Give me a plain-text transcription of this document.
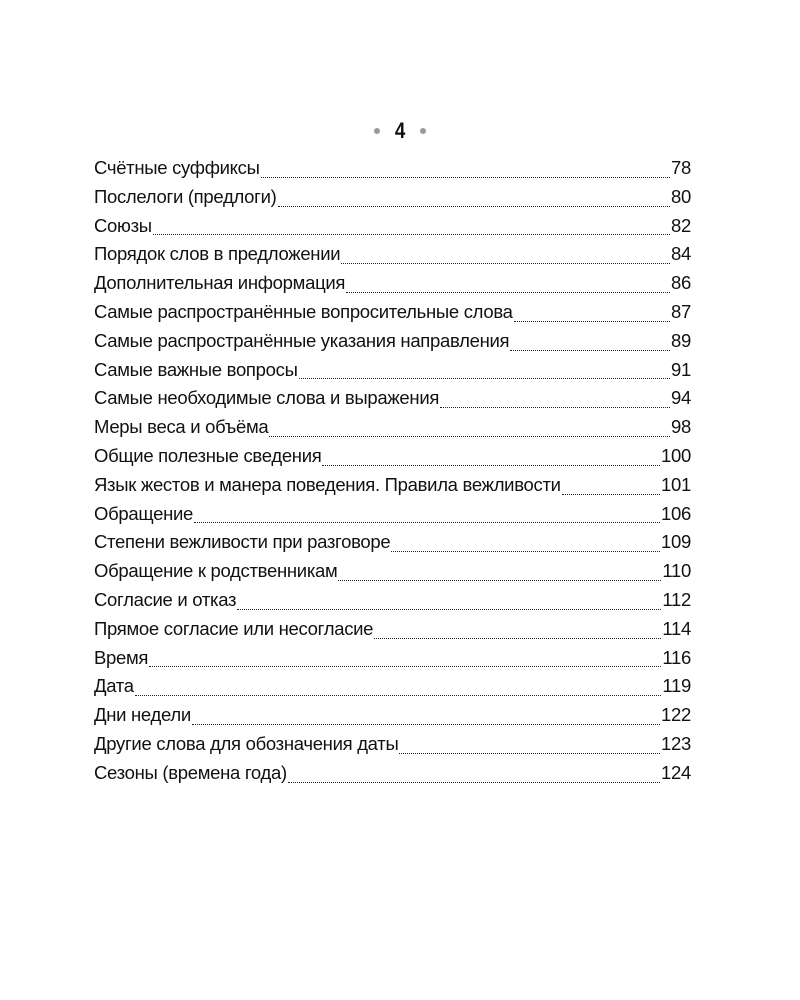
4
Счётные суффиксы	78
Послелоги (предлоги)	80
Союзы	82
Порядок слов в предложении	84
Дополнительная информация	86
Самые распространённые вопросительные слова	87
Самые распространённые указания направления	89
Самые важные вопросы	91
Самые необходимые слова и выражения	94
Меры веса и объёма	98
Общие полезные сведения	100
Язык жестов и манера поведения. Правила вежливости	101
Обращение	106
Степени вежливости при разговоре	109
Обращение к родственникам	110
Согласие и отказ	112
Прямое согласие или несогласие	114
Время	116
Дата	119
Дни недели	122
Другие слова для обозначения даты	123
Сезоны (времена года)	124
